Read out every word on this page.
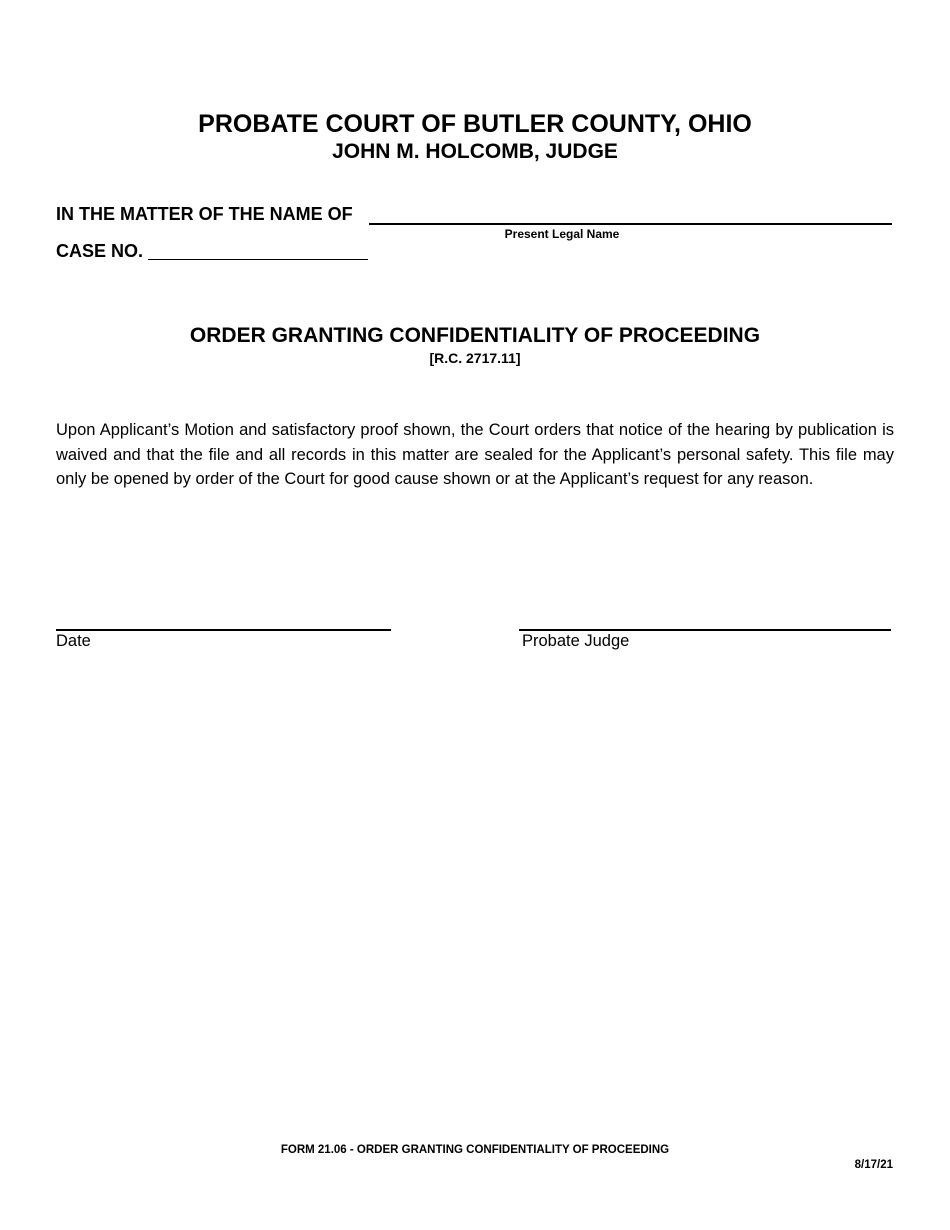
PROBATE COURT OF BUTLER COUNTY, OHIO
JOHN M. HOLCOMB, JUDGE
IN THE MATTER OF THE NAME OF
Present Legal Name
CASE NO.
ORDER GRANTING CONFIDENTIALITY OF PROCEEDING
[R.C. 2717.11]
Upon Applicant’s Motion and satisfactory proof shown, the Court orders that notice of the hearing by publication is waived and that the file and all records in this matter are sealed for the Applicant’s personal safety. This file may only be opened by order of the Court for good cause shown or at the Applicant’s request for any reason.
Date	Probate Judge
FORM 21.06 - ORDER GRANTING CONFIDENTIALITY OF PROCEEDING
8/17/21
